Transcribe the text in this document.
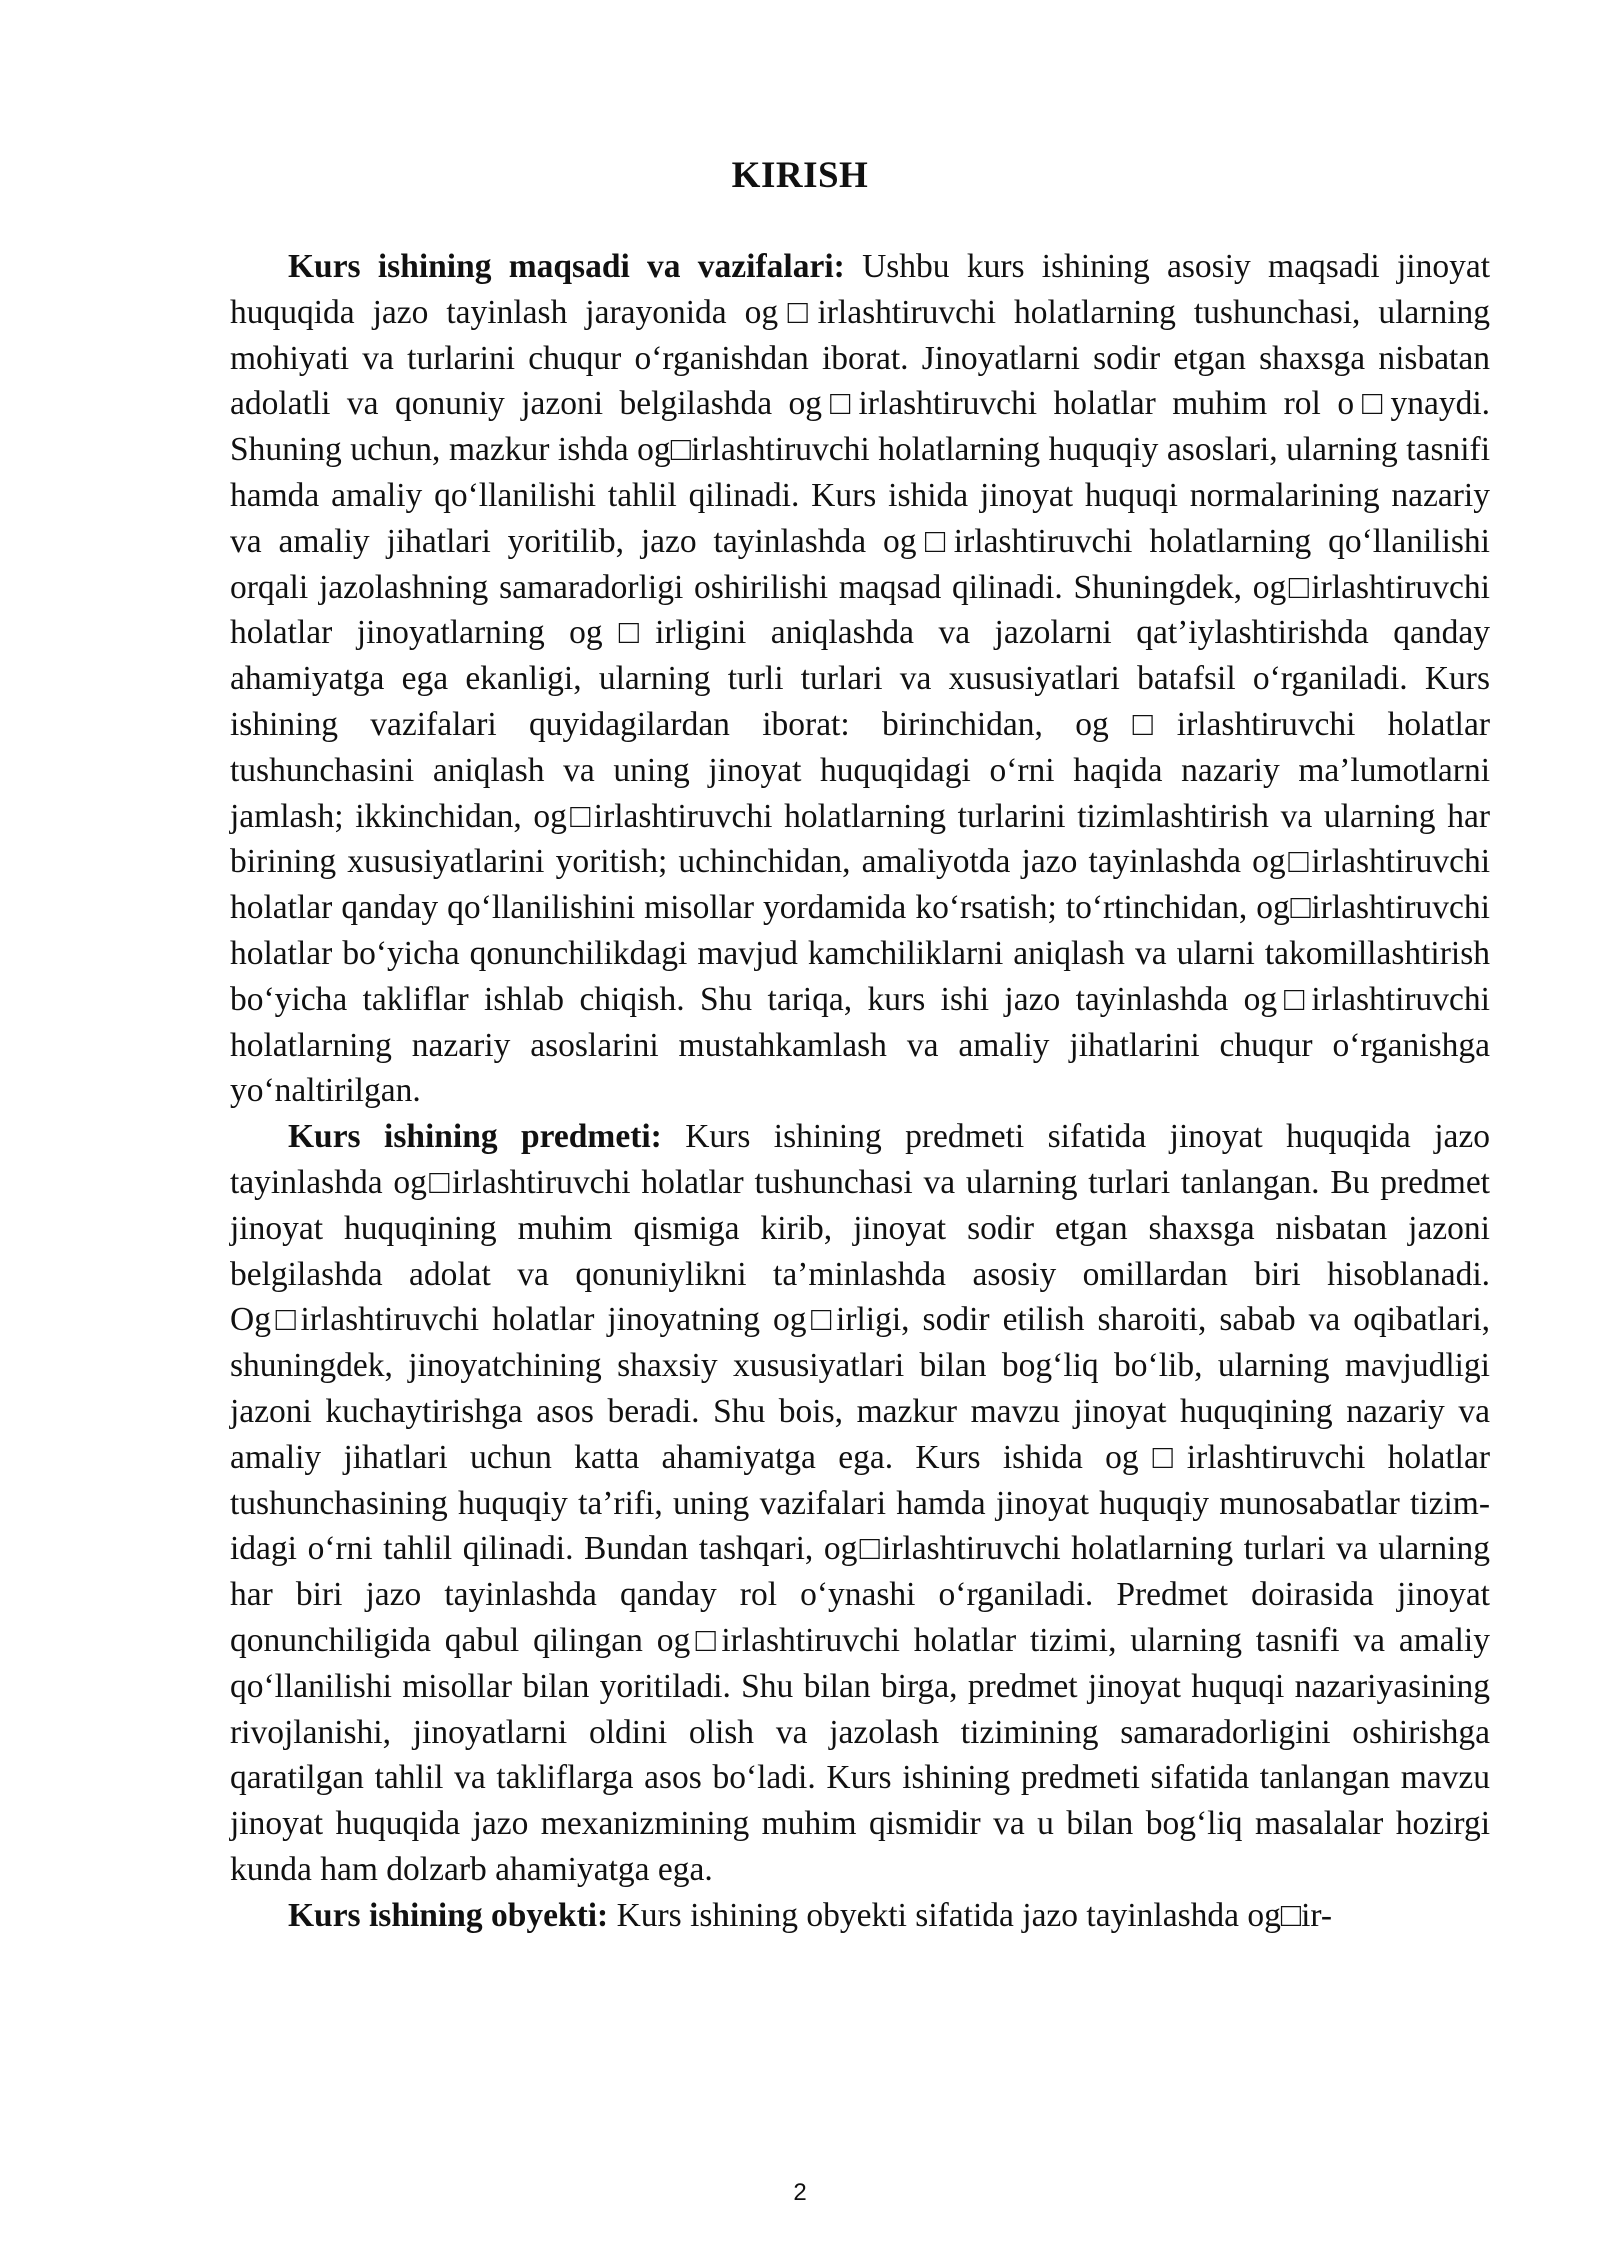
KIRISH

Kurs ishining maqsadi va vazifalari: Ushbu kurs ishining asosiy maqsadi jinoyat huquqida jazo tayinlash jarayonida og□irlashtiruvchi holatlarning tushunchasi, ularning mohiyati va turlarini chuqur o‘rganishdan iborat. Jinoyatlarni sodir etgan shaxsga nisbatan adolatli va qonuniy jazoni belgilashda og□irlashtiruvchi holatlar muhim rol o□ynaydi. Shuning uchun, mazkur ishda og□irlashtiruvchi holatlarning huquqiy asoslari, ularning tasnifi hamda amaliy qo‘llanilishi tahlil qilinadi. Kurs ishida jinoyat huquqi normalarining nazariy va amaliy jihatlari yoritilib, jazo tayinlashda og□irlashtiruvchi holatlarning qo‘llanilishi orqali jazolashning samaradorligi oshirilishi maqsad qilinadi. Shuningdek, og□irlashtiruvchi holatlar jinoyatlarning og□irligini aniqlashda va jazolarni qat’iylashtirishda qanday ahamiyatga ega ekanligi, ularning turli turlari va xususiyatlari batafsil o‘rganiladi. Kurs ishining vazifalari quyidagilardan iborat: birinchidan, og□irlashtiruvchi holatlar tushunchasini aniqlash va uning jinoyat huquqidagi o‘rni haqida nazariy ma’lumotlarni jamlash; ikkinchidan, og□irlashtiruvchi holatlarning turlarini tizimlashtirish va ularning har birining xususiyatlarini yoritish; uchinchidan, amaliyotda jazo tayinlashda og□irlashtiruvchi holatlar qanday qo‘llanilishini misollar yordamida ko‘rsatish; to‘rtinchidan, og□irlashtiruvchi holatlar bo‘yicha qonunchilikdagi mavjud kamchiliklarni aniqlash va ularni takomillashtirish bo‘yicha takliflar ishlab chiqish. Shu tariqa, kurs ishi jazo tayinlashda og□irlashtiruvchi holatlarning nazariy asoslarini mustahkamlash va amaliy jihatlarini chuqur o‘rganishga yo‘naltirilgan.

Kurs ishining predmeti: Kurs ishining predmeti sifatida jinoyat huquqida jazo tayinlashda og□irlashtiruvchi holatlar tushunchasi va ularning turlari tanlangan. Bu predmet jinoyat huquqining muhim qismiga kirib, jinoyat sodir etgan shaxsga nisbatan jazoni belgilashda adolat va qonuniylikni ta’minlashda asosiy omillardan biri hisoblanadi. Og□irlashtiruvchi holatlar jinoyatning og□irligi, sodir etilish sharoiti, sabab va oqibatlari, shuningdek, jinoyatchining shaxsiy xususiyatlari bilan bog‘liq bo‘lib, ularning mavjudligi jazoni kuchaytirishga asos beradi. Shu bois, mazkur mavzu jinoyat huquqining nazariy va amaliy jihatlari uchun katta ahamiyatga ega. Kurs ishida og□irlashtiruvchi holatlar tushunchasining huquqiy ta’rifi, uning vazifalari hamda jinoyat huquqiy munosabatlar tizimidagi o‘rni tahlil qilinadi. Bundan tashqari, og□irlashtiruvchi holatlarning turlari va ularning har biri jazo tayinlashda qanday rol o‘ynashi o‘rganiladi. Predmet doirasida jinoyat qonunchiligida qabul qilingan og□irlashtiruvchi holatlar tizimi, ularning tasnifi va amaliy qo‘llanilishi misollar bilan yoritiladi. Shu bilan birga, predmet jinoyat huquqi nazariyasining rivojlanishi, jinoyatlarni oldini olish va jazolash tizimining samaradorligini oshirishga qaratilgan tahlil va takliflarga asos bo‘ladi. Kurs ishining predmeti sifatida tanlangan mavzu jinoyat huquqida jazo mexanizmining muhim qismidir va u bilan bog‘liq masalalar hozirgi kunda ham dolzarb ahamiyatga ega.

Kurs ishining obyekti: Kurs ishining obyekti sifatida jazo tayinlashda og□ir-

2
